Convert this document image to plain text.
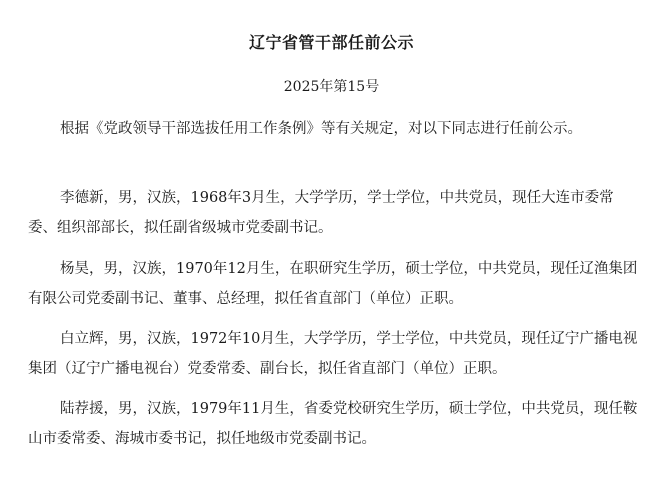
辽宁省管干部任前公示
2025年第15号
根据《党政领导干部选拔任用工作条例》等有关规定，对以下同志进行任前公示。
李德新，男，汉族，1968年3月生，大学学历，学士学位，中共党员，现任大连市委常委、组织部部长，拟任副省级城市党委副书记。
杨昊，男，汉族，1970年12月生，在职研究生学历，硕士学位，中共党员，现任辽渔集团有限公司党委副书记、董事、总经理，拟任省直部门（单位）正职。
白立辉，男，汉族，1972年10月生，大学学历，学士学位，中共党员，现任辽宁广播电视集团（辽宁广播电视台）党委常委、副台长，拟任省直部门（单位）正职。
陆荐援，男，汉族，1979年11月生，省委党校研究生学历，硕士学位，中共党员，现任鞍山市委常委、海城市委书记，拟任地级市党委副书记。
